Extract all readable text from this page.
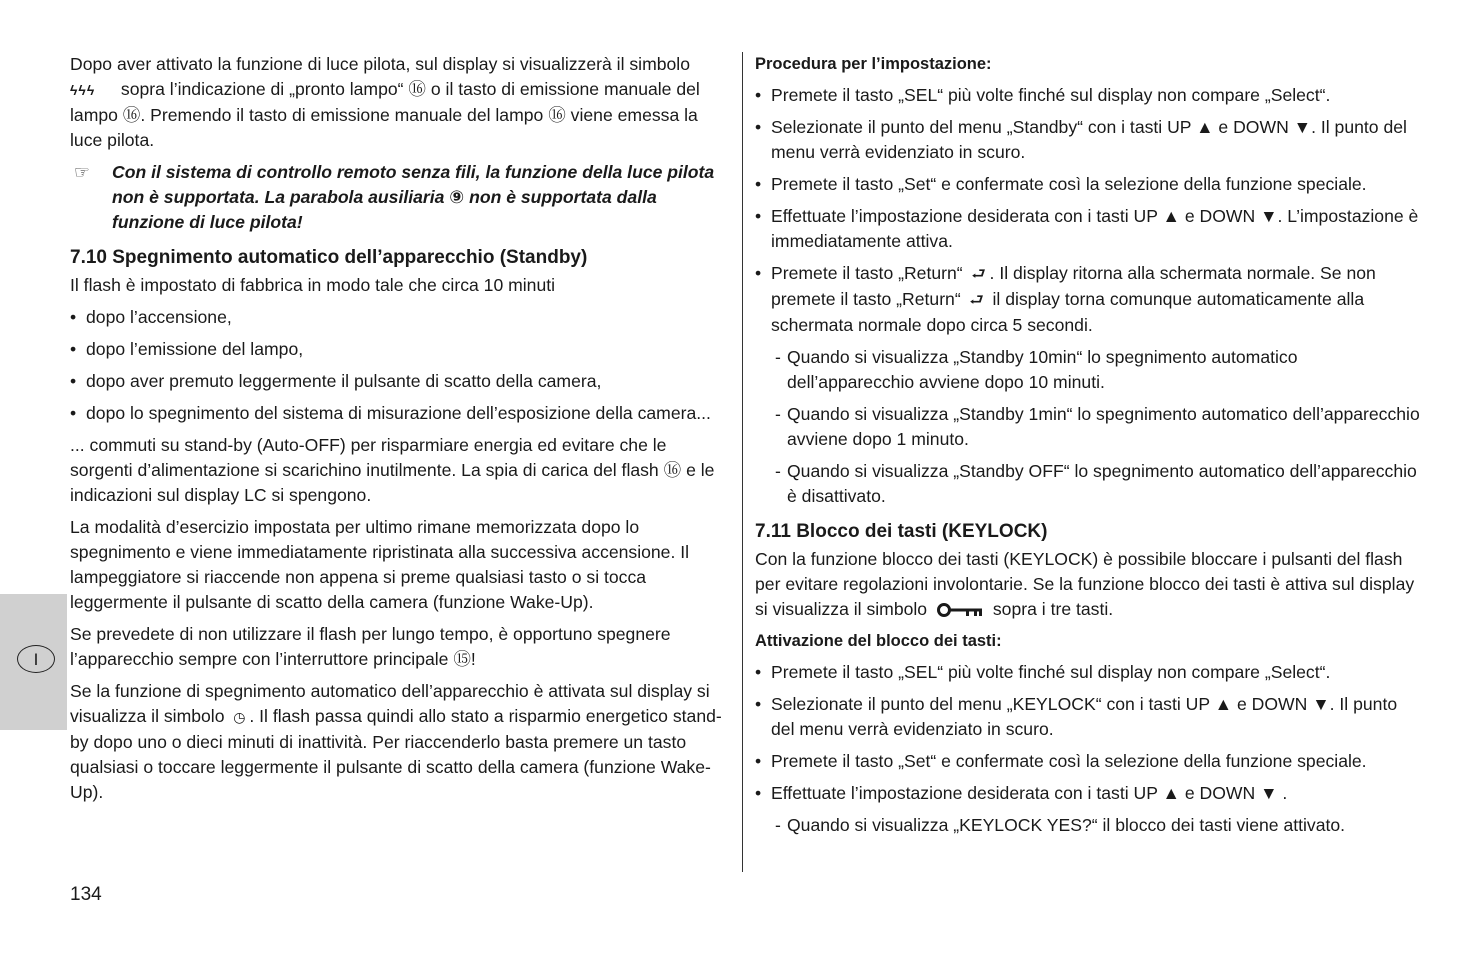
I

Dopo aver attivato la funzione di luce pilota, sul display si visualizzerà il simbolo ϟϟϟ sopra l’indicazione di „pronto lampo“ ⑯ o il tasto di emissione manuale del lampo ⑯. Premendo il tasto di emissione manuale del lampo ⑯ viene emessa la luce pilota.

☞ Con il sistema di controllo remoto senza fili, la funzione della luce pilota non è supportata. La parabola ausiliaria ⑨ non è supportata dalla funzione di luce pilota!
7.10 Spegnimento automatico dell’apparecchio (Standby)

Il flash è impostato di fabbrica in modo tale che circa 10 minuti

• dopo l’accensione,
• dopo l’emissione del lampo,
• dopo aver premuto leggermente il pulsante di scatto della camera,
• dopo lo spegnimento del sistema di misurazione dell’esposizione della camera...

... commuti su stand-by (Auto-OFF) per risparmiare energia ed evitare che le sorgenti d’alimentazione si scarichino inutilmente. La spia di carica del flash ⑯ e le indicazioni sul display LC si spengono.

La modalità d’esercizio impostata per ultimo rimane memorizzata dopo lo spegnimento e viene immediatamente ripristinata alla successiva accensione. Il lampeggiatore si riaccende non appena si preme qualsiasi tasto o si tocca leggermente il pulsante di scatto della camera (funzione Wake-Up).

Se prevedete di non utilizzare il flash per lungo tempo, è opportuno spegnere l’apparecchio sempre con l’interruttore principale ⑮!

Se la funzione di spegnimento automatico dell’apparecchio è attivata sul display si visualizza il simbolo ◷ . Il flash passa quindi allo stato a risparmio energetico stand-by dopo uno o dieci minuti di inattività. Per riaccenderlo basta premere un tasto qualsiasi o toccare leggermente il pulsante di scatto della camera (funzione Wake-Up).

Procedura per l’impostazione:
• Premete il tasto „SEL“ più volte finché sul display non compare „Select“.
• Selezionate il punto del menu „Standby“ con i tasti UP ▲ e DOWN ▼. Il punto del menu verrà evidenziato in scuro.
• Premete il tasto „Set“ e confermate così la selezione della funzione speciale.
• Effettuate l’impostazione desiderata con i tasti UP ▲ e DOWN ▼. L’impostazione è immediatamente attiva.
• Premete il tasto „Return“ ⮐ . Il display ritorna alla schermata normale. Se non premete il tasto „Return“ ⮐ il display torna comunque automaticamente alla schermata normale dopo circa 5 secondi.
- Quando si visualizza „Standby 10min“ lo spegnimento automatico dell’apparecchio avviene dopo 10 minuti.
- Quando si visualizza „Standby 1min“ lo spegnimento automatico dell’apparecchio avviene dopo 1 minuto.
- Quando si visualizza „Standby OFF“ lo spegnimento automatico dell’apparecchio è disattivato.
7.11 Blocco dei tasti (KEYLOCK)

Con la funzione blocco dei tasti (KEYLOCK) è possibile bloccare i pulsanti del flash per evitare regolazioni involontarie. Se la funzione blocco dei tasti è attiva sul display si visualizza il simbolo	sopra i tre tasti.

Attivazione del blocco dei tasti:
• Premete il tasto „SEL“ più volte finché sul display non compare „Select“.
• Selezionate il punto del menu „KEYLOCK“ con i tasti UP ▲ e DOWN ▼. Il punto del menu verrà evidenziato in scuro.
• Premete il tasto „Set“ e confermate così la selezione della funzione speciale.
• Effettuate l’impostazione desiderata con i tasti UP ▲ e DOWN ▼ .
- Quando si visualizza „KEYLOCK YES?“ il blocco dei tasti viene attivato.
134
